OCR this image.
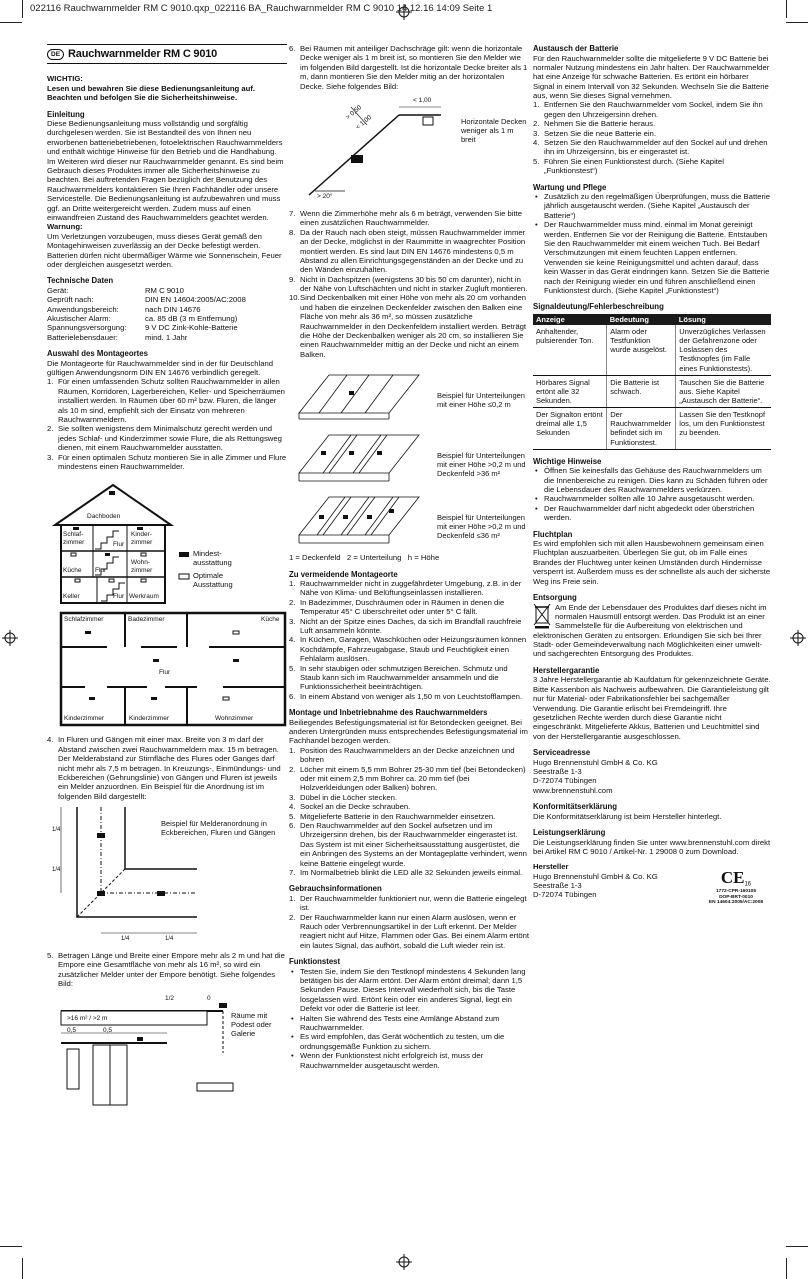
022116 Rauchwarnmelder RM C 9010.qxp_022116 BA_Rauchwarnmelder RM C 9010 14.12.16 14:09 Seite 1
DE Rauchwarnmelder RM C 9010

WICHTIG:

Lesen und bewahren Sie diese Bedienungsanleitung auf. Beachten und befolgen Sie die Sicherheitshinweise.

Einleitung

Diese Bedienungsanleitung muss vollständig und sorgfältig durchgelesen werden. Sie ist Bestandteil des von Ihnen neu erworbenen batteriebetriebenen, fotoelektrischen Rauchwarnmelders und enthält wichtige Hinweise für den Betrieb und die Handhabung.

Im Weiteren wird dieser nur Rauchwarnmelder genannt. Es sind beim Gebrauch dieses Produktes immer alle Sicherheitshinweise zu beachten. Bei auftretenden Fragen bezüglich der Benutzung des Rauchwarnmelders kontaktieren Sie Ihren Fachhändler oder unsere Servicestelle. Die Bedienungsanleitung ist aufzubewahren und muss ggf. an Dritte weitergereicht werden. Zudem muss auf einen einwandfreien Zustand des Rauchwarnmelders geachtet werden.

Warnung:

Um Verletzungen vorzubeugen, muss dieses Gerät gemäß den Montagehinweisen zuverlässig an der Decke befestigt werden. Batterien dürfen nicht übermäßiger Wärme wie Sonnenschein, Feuer oder dergleichen ausgesetzt werden.

Technische Daten
Gerät:	RM C 9010
Geprüft nach:	DIN EN 14604:2005/AC:2008
Anwendungsbereich:	nach DIN 14676
Akustischer Alarm:	ca. 85 dB (3 m Entfernung)
Spannungsversorgung:	9 V DC Zink-Kohle-Batterie
Batterielebensdauer:	mind. 1 Jahr
Auswahl des Montageortes

Die Montageorte für Rauchwarnmelder sind in der für Deutschland gültigen Anwendungsnorm DIN EN 14676 verbindlich geregelt.

1. Für einen umfassenden Schutz sollten Rauchwarnmelder in allen Räumen, Korridoren, Lagerbereichen, Keller- und Speicherräumen installiert werden. In Räumen über 60 m² bzw. Fluren, die länger als 10 m sind, empfiehlt sich der Einsatz von mehreren Rauchwarnmeldern.
2. Sie sollten wenigstens dem Minimalschutz gerecht werden und jedes Schlaf- und Kinderzimmer sowie Flure, die als Rettungsweg dienen, mit einem Rauchwarnmelder ausstatten.
3. Für einen optimalen Schutz montieren Sie in alle Zimmer und Flure mindestens einen Rauchwarnmelder.
Dachboden
Schlaf-
zimmer	Flur
Kinder-
zimmer
Küche Flur
Wohn-
zimmer
Keller	Flur Werkraum
Mindest-
ausstattung
Optimale
Ausstattung
Schlafzimmer	Badezimmer	Küche
Flur
Kinderzimmer	Kinderzimmer	Wohnzimmer
4. In Fluren und Gängen mit einer max. Breite von 3 m darf der Abstand zwischen zwei Rauchwarnmeldern max. 15 m betragen. Der Melderabstand zur Stirnfläche des Flures oder Ganges darf nicht mehr als 7,5 m betragen. In Kreuzungs-, Einmündungs- und Eckbereichen (Gehrungslinie) von Gängen und Fluren ist jeweils ein Melder anzuordnen. Ein Beispiel für die Anordnung ist im folgenden Bild dargestellt:
1/4
1/4
1/4	1/4
Beispiel für Melderanordnung in Eckbereichen, Fluren und Gängen
5. Betragen Länge und Breite einer Empore mehr als 2 m und hat die Empore eine Gesamtfläche von mehr als 16 m², so wird ein zusätzlicher Melder unter der Empore benötigt. Siehe folgendes Bild:
1/2	0
>16 m² / >2 m
0,5	0,5
Räume mit Podest oder Galerie
6. Bei Räumen mit anteiliger Dachschräge gilt: wenn die horizontale Decke weniger als 1 m breit ist, so montieren Sie den Melder wie im folgenden Bild dargestellt. Ist die horizontale Decke breiter als 1 m, dann montieren Sie den Melder mitig an der horizontalen Decke. Siehe folgendes Bild:
< 1,00
> 0,50
< 1,00
> 20°
Horizontale Decken weniger als 1 m breit
7. Wenn die Zimmerhöhe mehr als 6 m beträgt, verwenden Sie bitte einen zusätzlichen Rauchwarnmelder.
8. Da der Rauch nach oben steigt, müssen Rauchwarnmelder immer an der Decke, möglichst in der Raummitte in waagrechter Position montiert werden. Es sind laut DIN EN 14676 mindestens 0,5 m Abstand zu allen Einrichtungsgegenständen an der Decke und zu den Wänden einzuhalten.
9. Nicht in Dachspitzen (wenigstens 30 bis 50 cm darunter), nicht in der Nähe von Luftschächten und nicht in starker Zugluft montieren.
10. Sind Deckenbalken mit einer Höhe von mehr als 20 cm vorhanden und haben die einzelnen Deckenfelder zwischen den Balken eine Fläche von mehr als 36 m², so müssen zusätzliche Rauchwarnmelder in den Deckenfeldern installiert werden. Beträgt die Höhe der Deckenbalken weniger als 20 cm, so installieren Sie einen Rauchwarnmelder mittig an der Decke und nicht an einem Balken.
Beispiel für Unterteilungen mit einer Höhe ≤0,2 m
Beispiel für Unterteilungen mit einer Höhe >0,2 m und Deckenfeld >36 m²
Beispiel für Unterteilungen mit einer Höhe >0,2 m und Deckenfeld ≤36 m²

1 = Deckenfeld   2 = Unterteilung   h = Höhe

Zu vermeidende Montageorte
1. Rauchwarnmelder nicht in zuggefährdeter Umgebung, z.B. in der Nähe von Klima- und Belüftungseinlassen installieren.
2. In Badezimmer, Duschräumen oder in Räumen in denen die Temperatur 45° C überschreitet oder unter 5° C fällt.
3. Nicht an der Spitze eines Daches, da sich im Brandfall rauchfreie Luft ansammeln könnte.
4. In Küchen, Garagen, Waschküchen oder Heizungsräumen können Kochdämpfe, Fahrzeugabgase, Staub und Feuchtigkeit einen Fehlalarm auslösen.
5. In sehr staubigen oder schmutzigen Bereichen. Schmutz und Staub kann sich im Rauchwarnmelder ansammeln und die Funktionssicherheit beeinträchtigen.
6. In einem Abstand von weniger als 1,50 m von Leuchtstofflampen.
Montage und Inbetriebnahme des Rauchwarnmelders

Beiliegendes Befestigungsmaterial ist für Betondecken geeignet. Bei anderen Untergründen muss entsprechendes Befestigungsmaterial im Fachhandel bezogen werden.

1. Position des Rauchwarnmelders an der Decke anzeichnen und bohren
2. Löcher mit einem 5,5 mm Bohrer 25-30 mm tief (bei Betondecken) oder mit einem 2,5 mm Bohrer ca. 20 mm tief (bei Holzverkleidungen oder Balken) bohren.
3. Dübel in die Löcher stecken.
4. Sockel an die Decke schrauben.
5. Mitgelieferte Batterie in den Rauchwarnmelder einsetzen.
6. Den Rauchwarnmelder auf den Sockel aufsetzen und im Uhrzeigersinn drehen, bis der Rauchwarnmelder eingerastet ist. Das System ist mit einer Sicherheitsausstattung ausgerüstet, die ein Anbringen des Systems an der Montageplatte verhindert, wenn keine Batterie eingelegt wurde.
7. Im Normalbetrieb blinkt die LED alle 32 Sekunden jeweils einmal.
Gebrauchsinformationen
1. Der Rauchwarnmelder funktioniert nur, wenn die Batterie eingelegt ist.
2. Der Rauchwarnmelder kann nur einen Alarm auslösen, wenn er Rauch oder Verbrennungsartikel in der Luft erkennt. Der Melder reagiert nicht auf Hitze, Flammen oder Gas. Bei einem Alarm ertönt ein lautes Signal, das aufhört, sobald die Luft wieder rein ist.
Funktionstest
• Testen Sie, indem Sie den Testknopf mindestens 4 Sekunden lang betätigen bis der Alarm ertönt. Der Alarm ertönt dreimal; dann 1,5 Sekunden Pause. Dieses Intervall wiederholt sich, bis die Taste losgelassen wird. Ertönt kein oder ein anderes Signal, liegt ein Defekt vor oder die Batterie ist leer.
• Halten Sie während des Tests eine Armlänge Abstand zum Rauchwarnmelder.
• Es wird empfohlen, das Gerät wöchentlich zu testen, um die ordnungsgemäße Funktion zu sichern.
• Wenn der Funktionstest nicht erfolgreich ist, muss der Rauchwarnmelder ausgetauscht werden.
Austausch der Batterie

Für den Rauchwarnmelder sollte die mitgelieferte 9 V DC Batterie bei normaler Nutzung mindestens ein Jahr halten. Der Rauchwarnmelder hat eine Anzeige für schwache Batterien. Es ertönt ein hörbarer Signal in einem Intervall von 32 Sekunden. Wechseln Sie die Batterie aus, wenn Sie dieses Signal vernehmen.

1. Entfernen Sie den Rauchwarnmelder vom Sockel, indem Sie ihn gegen den Uhrzeigersinn drehen.
2. Nehmen Sie die Batterie heraus.
3. Setzen Sie die neue Batterie ein.
4. Setzen Sie den Rauchwarnmelder auf den Sockel auf und drehen ihn im Uhrzeigersinn, bis er eingerastet ist.
5. Führen Sie einen Funktionstest durch. (Siehe Kapitel „Funktionstest“)
Wartung und Pflege
• Zusätzlich zu den regelmäßigen Überprüfungen, muss die Batterie jährlich ausgetauscht werden. (Siehe Kapitel „Austausch der Batterie“)
• Der Rauchwarnmelder muss mind. einmal im Monat gereinigt werden. Entfernen Sie vor der Reinigung die Batterie. Entstauben Sie den Rauchwarnmelder mit einem weichen Tuch. Bei Bedarf Verschmutzungen mit einem feuchten Lappen entfernen. Verwenden sie keine Reinigungsmittel und achten darauf, dass kein Wasser in das Gerät eindringen kann. Setzen Sie die Batterie nach der Reinigung wieder ein und führen anschließend einen Funktionstest durch. (Siehe Kapitel „Funktionstest“)
Signaldeutung/Fehlerbeschreibung
Anzeige	Bedeutung	Lösung
Anhaltender, pulsierender Ton.	Alarm oder Testfunktion wurde ausgelöst.	Unverzügliches Verlassen der Gefahrenzone oder Loslassen des Testknopfes (im Falle eines Funktionstests).
Hörbares Signal ertönt alle 32 Sekunden.	Die Batterie ist schwach.	Tauschen Sie die Batterie aus. Siehe Kapitel „Austausch der Batterie“.
Der Signalton ertönt dreimal alle 1,5 Sekunden	Der Rauchwarnmelder befindet sich im Funktionstest.	Lassen Sie den Testknopf los, um den Funktionstest zu beenden.
Wichtige Hinweise
• Öffnen Sie keinesfalls das Gehäuse des Rauchwarnmelders um die Innenbereiche zu reinigen. Dies kann zu Schäden führen oder die Lebensdauer des Rauchwarnmelders verkürzen.
• Rauchwarnmelder sollten alle 10 Jahre ausgetauscht werden.
• Der Rauchwarnmelder darf nicht abgedeckt oder überstrichen werden.
Fluchtplan

Es wird empfohlen sich mit allen Hausbewohnern gemeinsam einen Fluchtplan auszuarbeiten. Überlegen Sie gut, ob im Falle eines Brandes der Fluchtweg unter keinen Umständen durch Hindernisse versperrt ist. Außerdem muss es der schnellste als auch der sicherste Weg ins Freie sein.

Entsorgung

Am Ende der Lebensdauer des Produktes darf dieses nicht im normalen Hausmüll entsorgt werden. Das Produkt ist an einer Sammelstelle für die Aufbereitung von elektrischen und elektronischen Geräten zu entsorgen. Erkundigen Sie sich bei Ihrer Stadt- oder Gemeindeverwaltung nach Möglichkeiten einer umwelt- und sachgerechten Entsorgung des Produktes.

Herstellergarantie

3 Jahre Herstellergarantie ab Kaufdatum für gekennzeichnete Geräte. Bitte Kassenbon als Nachweis aufbewahren. Die Garantieleistung gilt nur für Material- oder Fabrikationsfehler bei sachgemäßer Verwendung. Die Garantie erlischt bei Fremdeingriff. Ihre gesetzlichen Rechte werden durch diese Garantie nicht eingeschränkt. Mitgelieferte Akkus, Batterien und Leuchtmittel sind von der Herstellergarantie ausgeschlossen.

Serviceadresse

Hugo Brennenstuhl GmbH & Co. KG

Seestraße 1-3

D-72074 Tübingen

www.brennenstuhl.com

Konformitätserklärung

Die Konformitätserklärung ist beim Hersteller hinterlegt.

Leistungserklärung

Die Leistungserklärung finden Sie unter www.brennenstuhl.com direkt bei Artikel RM C 9010 / Artikel-Nr. 1 29008 0 zum Download.

Hersteller

Hugo Brennenstuhl GmbH & Co. KG

Seestraße 1-3

D-72074 Tübingen

$CE_{16}$
1772-CPR-160105
DOP-BRT-0010
EN 14604:2005/AC:2008
